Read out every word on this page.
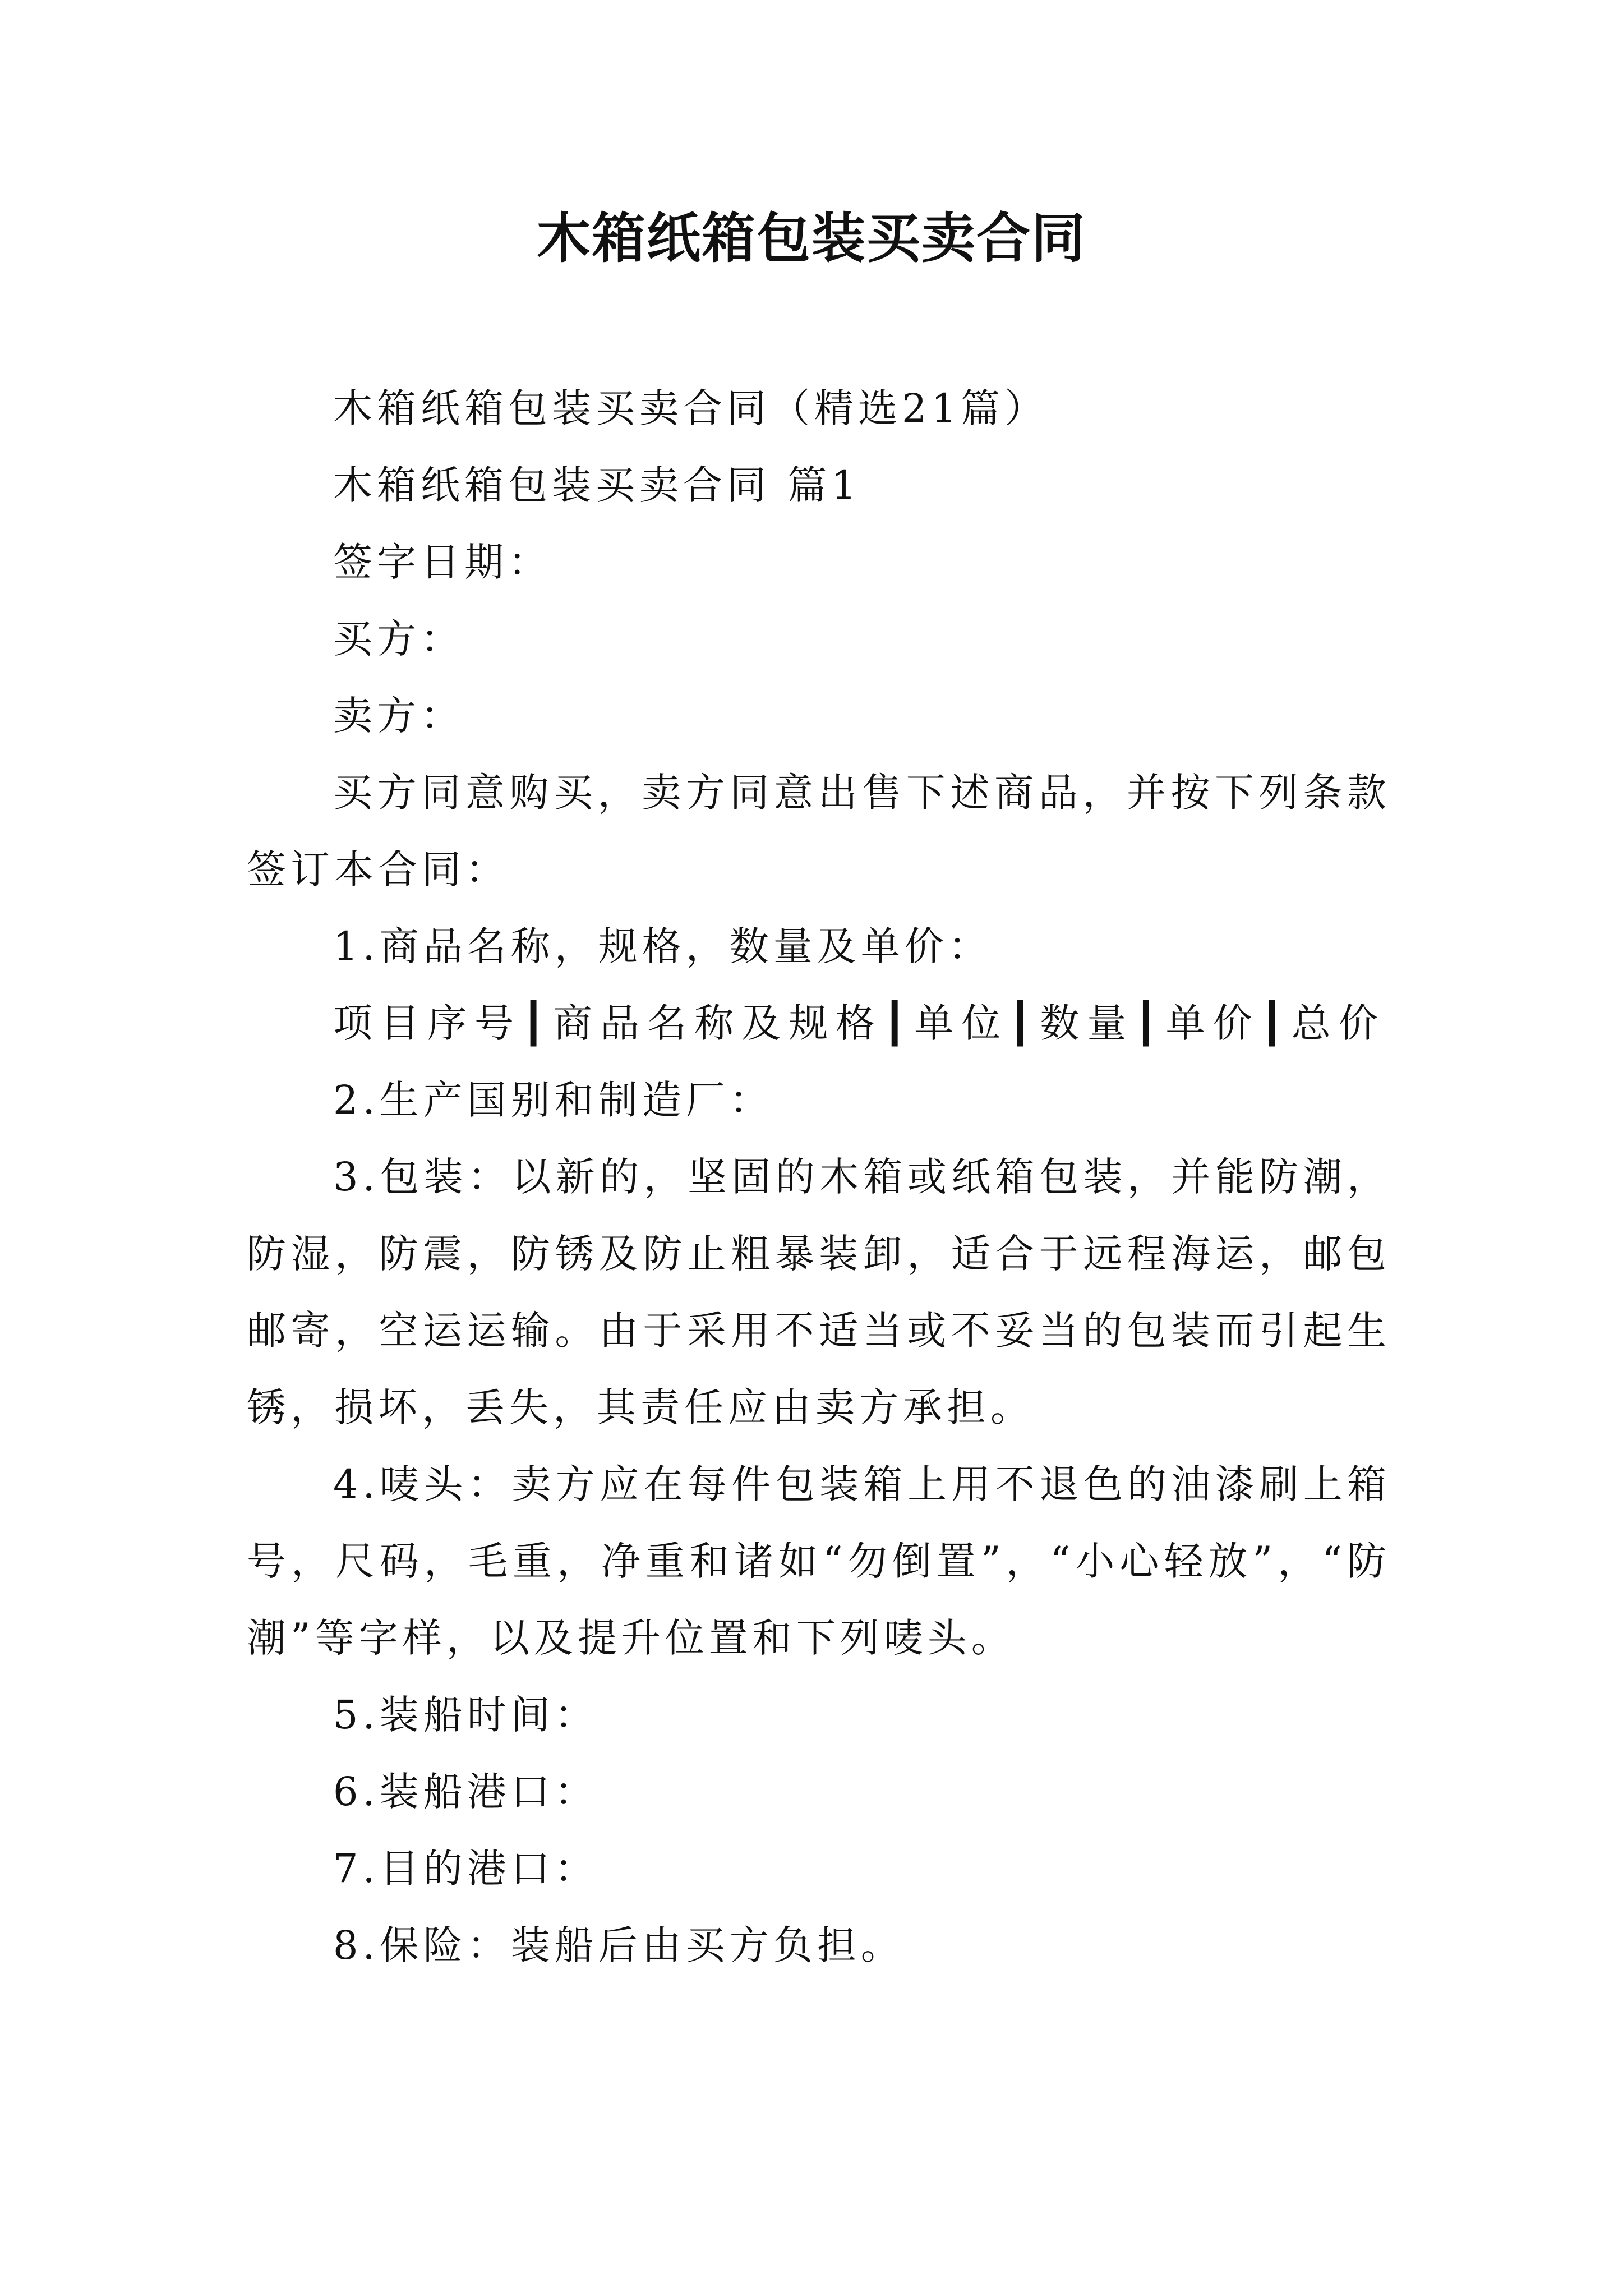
木箱纸箱包装买卖合同

木箱纸箱包装买卖合同（精选21篇）

木箱纸箱包装买卖合同 篇1

签字日期：

买方：

卖方：

买方同意购买，卖方同意出售下述商品，并按下列条款签订本合同：

1.商品名称，规格，数量及单价：

项目序号┃商品名称及规格┃单位┃数量┃单价┃总价

2.生产国别和制造厂：

3.包装：以新的，坚固的木箱或纸箱包装，并能防潮，防湿，防震，防锈及防止粗暴装卸，适合于远程海运，邮包邮寄，空运运输。由于采用不适当或不妥当的包装而引起生锈，损坏，丢失，其责任应由卖方承担。

4.唛头：卖方应在每件包装箱上用不退色的油漆刷上箱号，尺码，毛重，净重和诸如“勿倒置”，“小心轻放”，“防潮”等字样，以及提升位置和下列唛头。

5.装船时间：

6.装船港口：

7.目的港口：

8.保险：装船后由买方负担。
